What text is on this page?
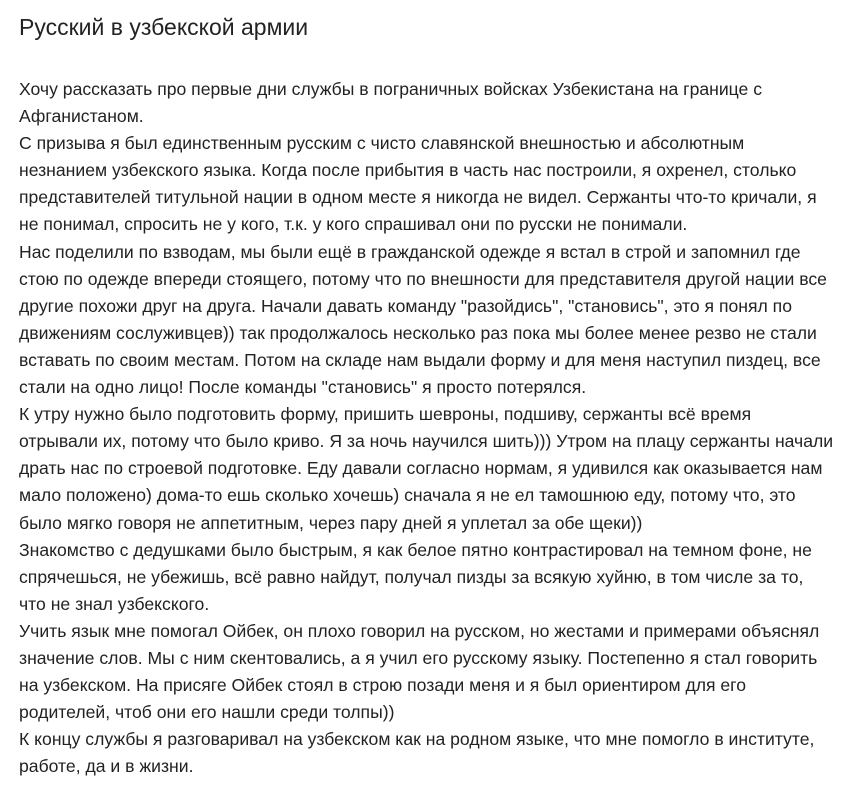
Русский в узбекской армии

Хочу рассказать про первые дни службы в пограничных войсках Узбекистана на границе с Афганистаном.

С призыва я был единственным русским с чисто славянской внешностью и абсолютным незнанием узбекского языка. Когда после прибытия в часть нас построили, я охренел, столько представителей титульной нации в одном месте я никогда не видел. Сержанты что-то кричали, я не понимал, спросить не у кого, т.к. у кого спрашивал они по русски не понимали.

Нас поделили по взводам, мы были ещё в гражданской одежде я встал в строй и запомнил где стою по одежде впереди стоящего, потому что по внешности для представителя другой нации все другие похожи друг на друга. Начали давать команду "разойдись", "становись", это я понял по движениям сослуживцев)) так продолжалось несколько раз пока мы более менее резво не стали вставать по своим местам. Потом на складе нам выдали форму и для меня наступил пиздец, все стали на одно лицо! После команды "становись" я просто потерялся.

К утру нужно было подготовить форму, пришить шевроны, подшиву, сержанты всё время отрывали их, потому что было криво. Я за ночь научился шить))) Утром на плацу сержанты начали драть нас по строевой подготовке. Еду давали согласно нормам, я удивился как оказывается нам мало положено) дома-то ешь сколько хочешь) сначала я не ел тамошнюю еду, потому что, это было мягко говоря не аппетитным, через пару дней я уплетал за обе щеки))

Знакомство с дедушками было быстрым, я как белое пятно контрастировал на темном фоне, не спрячешься, не убежишь, всё равно найдут, получал пизды за всякую хуйню, в том числе за то, что не знал узбекского.

Учить язык мне помогал Ойбек, он плохо говорил на русском, но жестами и примерами объяснял значение слов. Мы с ним скентовались, а я учил его русскому языку. Постепенно я стал говорить на узбекском. На присяге Ойбек стоял в строю позади меня и я был ориентиром для его родителей, чтоб они его нашли среди толпы))

К концу службы я разговаривал на узбекском как на родном языке, что мне помогло в институте, работе, да и в жизни.
